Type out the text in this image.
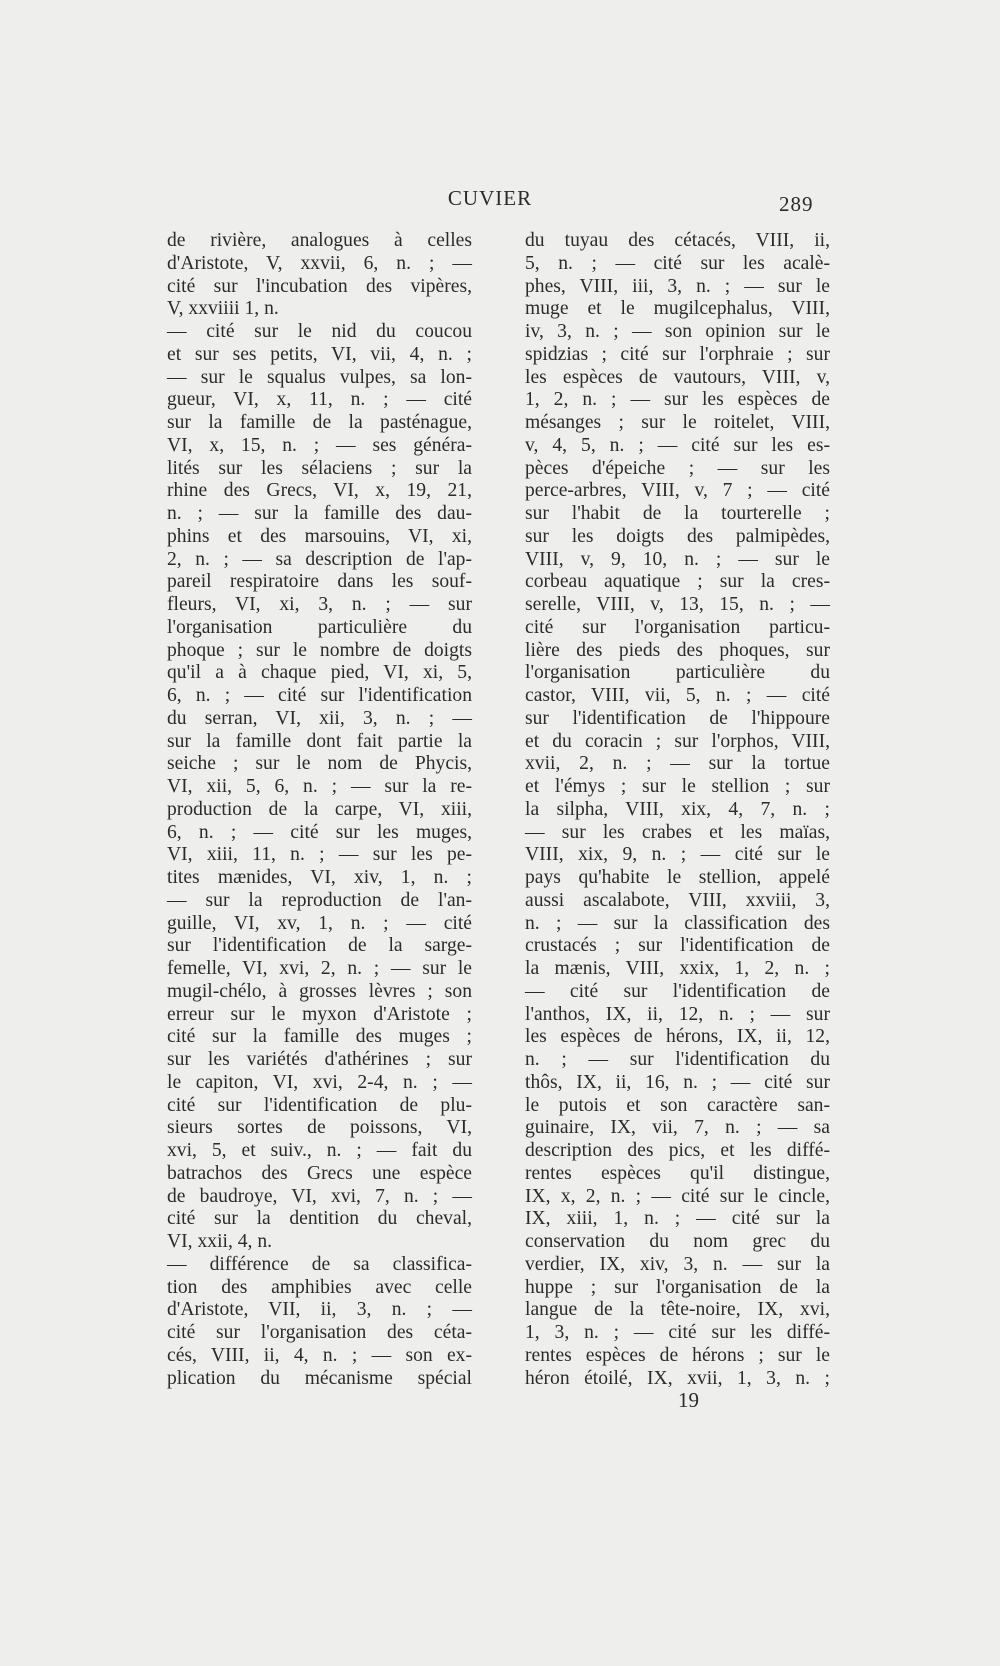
CUVIER	289
de rivière, analogues à celles
d'Aristote, V, xxvii, 6, n. ; —
cité sur l'incubation des vipères,
V, xxviiii 1, n.
— cité sur le nid du coucou
et sur ses petits, VI, vii, 4, n. ;
— sur le squalus vulpes, sa lon-
gueur, VI, x, 11, n. ; — cité
sur la famille de la pasténague,
VI, x, 15, n. ; — ses généra-
lités sur les sélaciens ; sur la
rhine des Grecs, VI, x, 19, 21,
n. ; — sur la famille des dau-
phins et des marsouins, VI, xi,
2, n. ; — sa description de l'ap-
pareil respiratoire dans les souf-
fleurs, VI, xi, 3, n. ; — sur
l'organisation particulière du
phoque ; sur le nombre de doigts
qu'il a à chaque pied, VI, xi, 5,
6, n. ; — cité sur l'identification
du serran, VI, xii, 3, n. ; —
sur la famille dont fait partie la
seiche ; sur le nom de Phycis,
VI, xii, 5, 6, n. ; — sur la re-
production de la carpe, VI, xiii,
6, n. ; — cité sur les muges,
VI, xiii, 11, n. ; — sur les pe-
tites mænides, VI, xiv, 1, n. ;
— sur la reproduction de l'an-
guille, VI, xv, 1, n. ; — cité
sur l'identification de la sarge-
femelle, VI, xvi, 2, n. ; — sur le
mugil-chélo, à grosses lèvres ; son
erreur sur le myxon d'Aristote ;
cité sur la famille des muges ;
sur les variétés d'athérines ; sur
le capiton, VI, xvi, 2-4, n. ; —
cité sur l'identification de plu-
sieurs sortes de poissons, VI,
xvi, 5, et suiv., n. ; — fait du
batrachos des Grecs une espèce
de baudroye, VI, xvi, 7, n. ; —
cité sur la dentition du cheval,
VI, xxii, 4, n.
— différence de sa classifica-
tion des amphibies avec celle
d'Aristote, VII, ii, 3, n. ; —
cité sur l'organisation des céta-
cés, VIII, ii, 4, n. ; — son ex-
plication du mécanisme spécial
du tuyau des cétacés, VIII, ii,
5, n. ; — cité sur les acalè-
phes, VIII, iii, 3, n. ; — sur le
muge et le mugilcephalus, VIII,
iv, 3, n. ; — son opinion sur le
spidzias ; cité sur l'orphraie ; sur
les espèces de vautours, VIII, v,
1, 2, n. ; — sur les espèces de
mésanges ; sur le roitelet, VIII,
v, 4, 5, n. ; — cité sur les es-
pèces d'épeiche ; — sur les
perce-arbres, VIII, v, 7 ; — cité
sur l'habit de la tourterelle ;
sur les doigts des palmipèdes,
VIII, v, 9, 10, n. ; — sur le
corbeau aquatique ; sur la cres-
serelle, VIII, v, 13, 15, n. ; —
cité sur l'organisation particu-
lière des pieds des phoques, sur
l'organisation particulière du
castor, VIII, vii, 5, n. ; — cité
sur l'identification de l'hippoure
et du coracin ; sur l'orphos, VIII,
xvii, 2, n. ; — sur la tortue
et l'émys ; sur le stellion ; sur
la silpha, VIII, xix, 4, 7, n. ;
— sur les crabes et les maïas,
VIII, xix, 9, n. ; — cité sur le
pays qu'habite le stellion, appelé
aussi ascalabote, VIII, xxviii, 3,
n. ; — sur la classification des
crustacés ; sur l'identification de
la mænis, VIII, xxix, 1, 2, n. ;
— cité sur l'identification de
l'anthos, IX, ii, 12, n. ; — sur
les espèces de hérons, IX, ii, 12,
n. ; — sur l'identification du
thôs, IX, ii, 16, n. ; — cité sur
le putois et son caractère san-
guinaire, IX, vii, 7, n. ; — sa
description des pics, et les diffé-
rentes espèces qu'il distingue,
IX, x, 2, n. ; — cité sur le cincle,
IX, xiii, 1, n. ; — cité sur la
conservation du nom grec du
verdier, IX, xiv, 3, n. — sur la
huppe ; sur l'organisation de la
langue de la tête-noire, IX, xvi,
1, 3, n. ; — cité sur les diffé-
rentes espèces de hérons ; sur le
héron étoilé, IX, xvii, 1, 3, n. ;
19
